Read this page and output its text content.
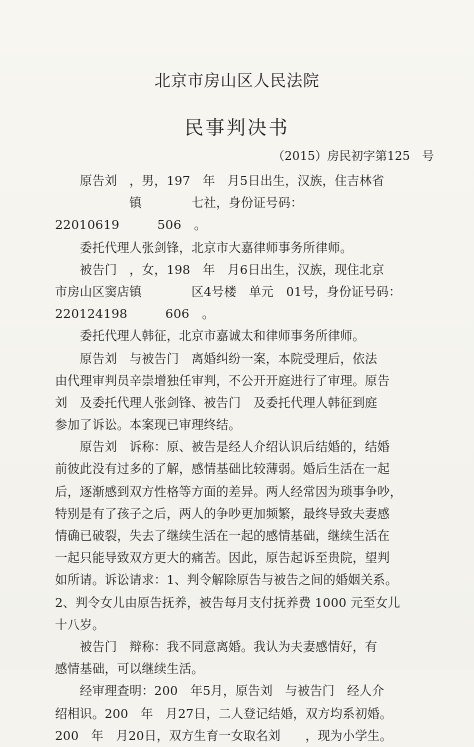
北京市房山区人民法院
民事判决书
（2015）房民初字第125　号
　　原告刘　，男，197　年　月5日出生，汉族，住吉林省　
　　　　　　镇　　　　七社，身份证号码：
22010619　　　506　。
　　委托代理人张剑锋，北京市大嘉律师事务所律师。
　　被告门　，女，198　年　月6日出生，汉族，现住北京
市房山区窦店镇　　　　区4号楼　单元　01号，身份证号码：
220124198　　　606　。
　　委托代理人韩征，北京市嘉诚太和律师事务所律师。
　　原告刘　与被告门　离婚纠纷一案，本院受理后，依法
由代理审判员辛崇增独任审判，不公开开庭进行了审理。原告
刘　及委托代理人张剑锋、被告门　及委托代理人韩征到庭
参加了诉讼。本案现已审理终结。
　　原告刘　诉称：原、被告是经人介绍认识后结婚的，结婚
前彼此没有过多的了解，感情基础比较薄弱。婚后生活在一起
后，逐渐感到双方性格等方面的差异。两人经常因为琐事争吵，
特别是有了孩子之后，两人的争吵更加频繁，最终导致夫妻感
情确已破裂，失去了继续生活在一起的感情基础，继续生活在
一起只能导致双方更大的痛苦。因此，原告起诉至贵院，望判
如所请。诉讼请求：1、判令解除原告与被告之间的婚姻关系。
2、判令女儿由原告抚养，被告每月支付抚养费 1000 元至女儿
十八岁。
　　被告门　辩称：我不同意离婚。我认为夫妻感情好，有
感情基础，可以继续生活。
　　经审理查明：200　年5月，原告刘　与被告门　经人介
绍相识。200　年　月27日，二人登记结婚，双方均系初婚。
200　年　月20日，双方生育一女取名刘　　，现为小学生。
